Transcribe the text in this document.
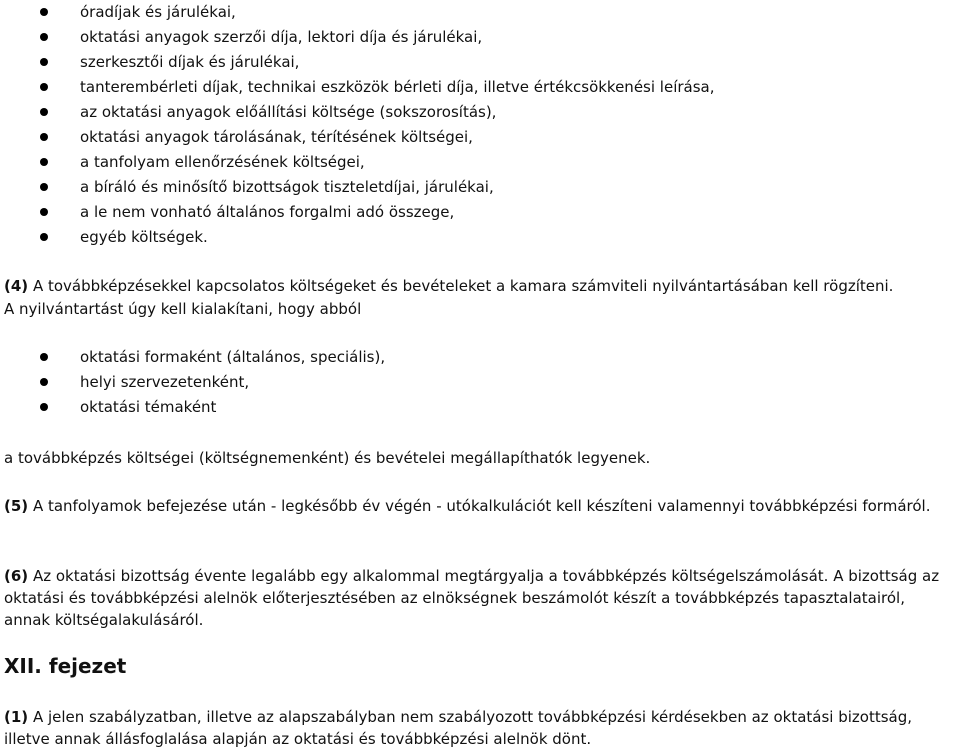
óradíjak és járulékai,
oktatási anyagok szerzői díja, lektori díja és járulékai,
szerkesztői díjak és járulékai,
tanterembérleti díjak, technikai eszközök bérleti díja, illetve értékcsökkenési leírása,
az oktatási anyagok előállítási költsége (sokszorosítás),
oktatási anyagok tárolásának, térítésének költségei,
a tanfolyam ellenőrzésének költségei,
a bíráló és minősítő bizottságok tiszteletdíjai, járulékai,
a le nem vonható általános forgalmi adó összege,
egyéb költségek.

(4) A továbbképzésekkel kapcsolatos költségeket és bevételeket a kamara számviteli nyilvántartásában kell rögzíteni.

A nyilvántartást úgy kell kialakítani, hogy abból

oktatási formaként (általános, speciális),
helyi szervezetenként,
oktatási témaként

a továbbképzés költségei (költségnemenként) és bevételei megállapíthatók legyenek.

(5) A tanfolyamok befejezése után - legkésőbb év végén - utókalkulációt kell készíteni valamennyi továbbképzési formáról.

(6) Az oktatási bizottság évente legalább egy alkalommal megtárgyalja a továbbképzés költségelszámolását. A bizottság az oktatási és továbbképzési alelnök előterjesztésében az elnökségnek beszámolót készít a továbbképzés tapasztalatairól, annak költségalakulásáról.

XII. fejezet

(1) A jelen szabályzatban, illetve az alapszabályban nem szabályozott továbbképzési kérdésekben az oktatási bizottság, illetve annak állásfoglalása alapján az oktatási és továbbképzési alelnök dönt.
